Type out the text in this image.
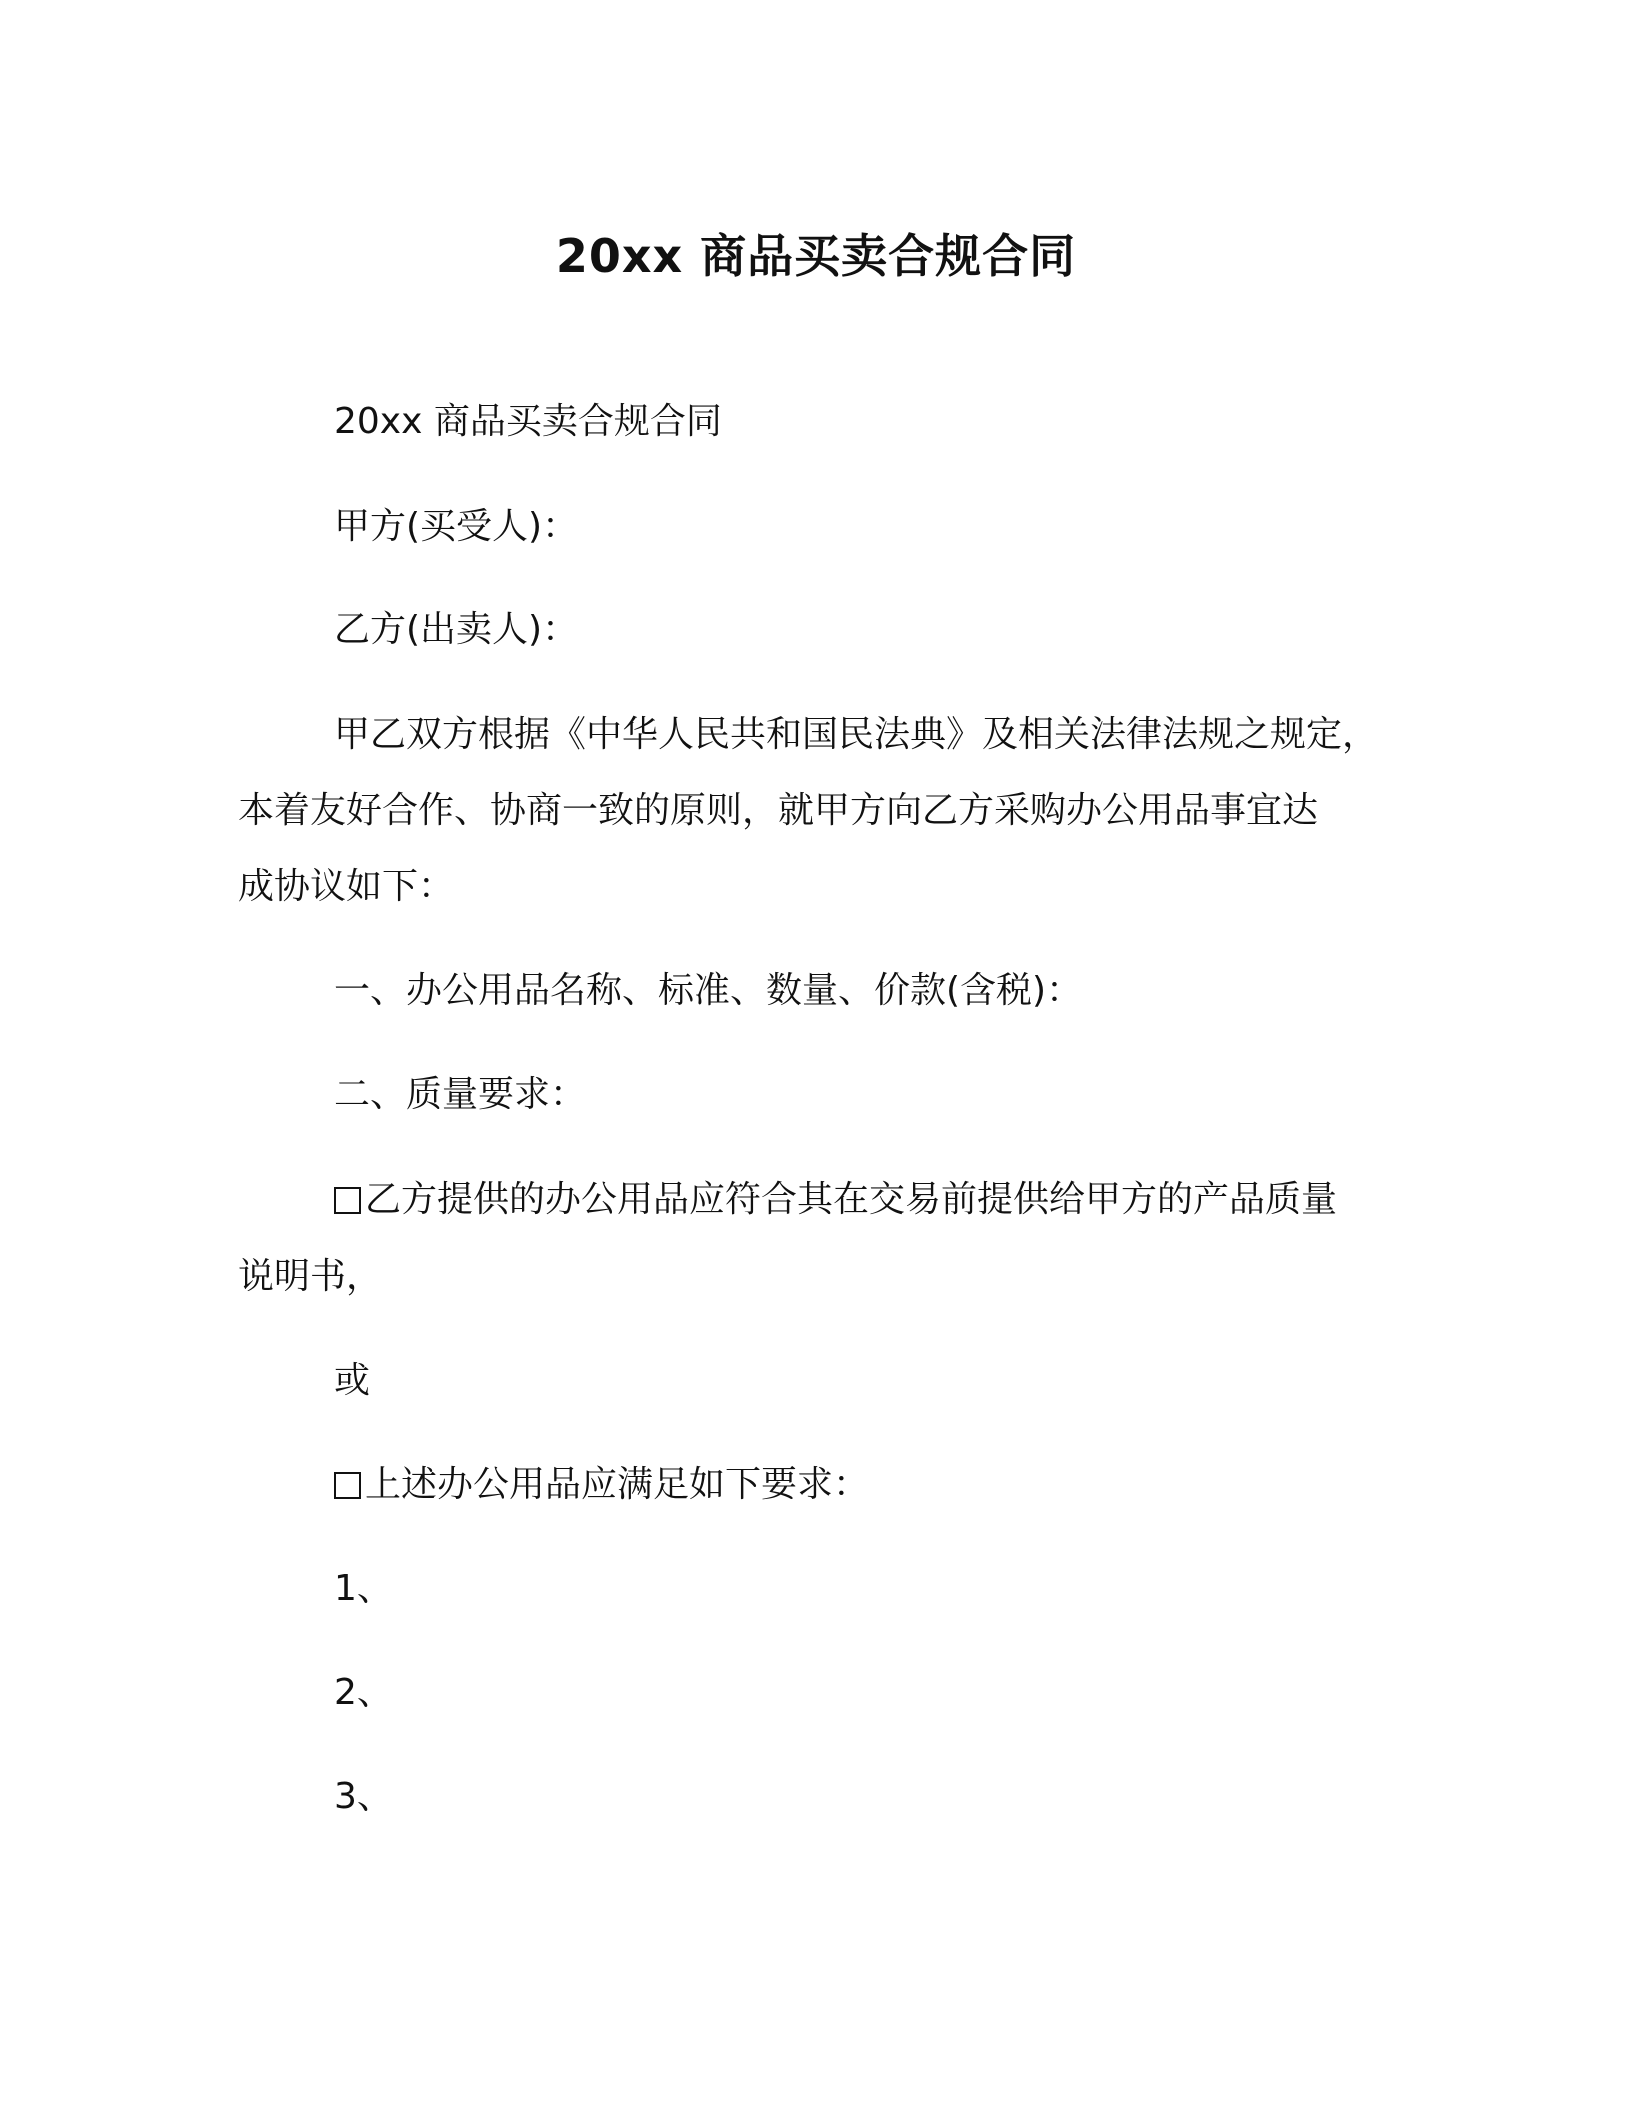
20xx 商品买卖合规合同
20xx 商品买卖合规合同
甲方(买受人)：
乙方(出卖人)：
甲乙双方根据《中华人民共和国民法典》及相关法律法规之规定，
本着友好合作、协商一致的原则，就甲方向乙方采购办公用品事宜达
成协议如下：
一、办公用品名称、标准、数量、价款(含税)：
二、质量要求：
乙方提供的办公用品应符合其在交易前提供给甲方的产品质量
说明书，
或
上述办公用品应满足如下要求：
1、
2、
3、
